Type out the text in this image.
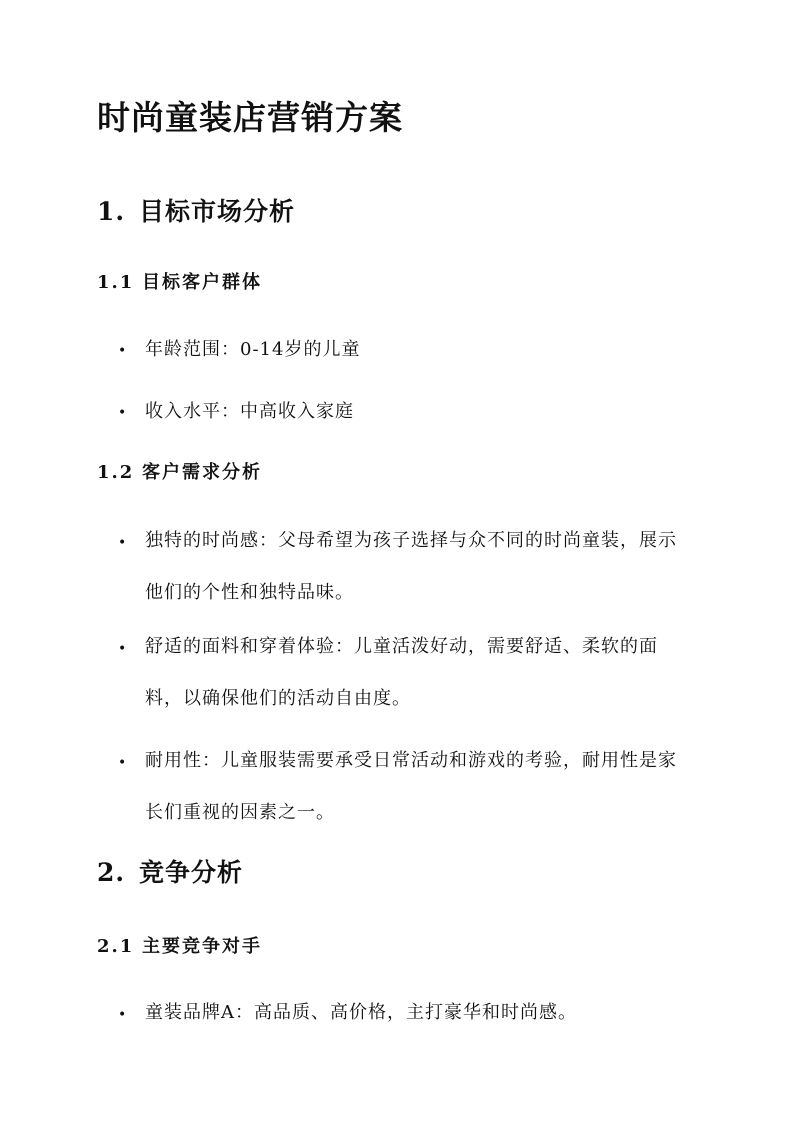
时尚童装店营销方案
1. 目标市场分析
1.1 目标客户群体
• 年龄范围：0-14岁的儿童
• 收入水平：中高收入家庭
1.2 客户需求分析
• 独特的时尚感：父母希望为孩子选择与众不同的时尚童装，展示他们的个性和独特品味。
• 舒适的面料和穿着体验：儿童活泼好动，需要舒适、柔软的面料，以确保他们的活动自由度。
• 耐用性：儿童服装需要承受日常活动和游戏的考验，耐用性是家长们重视的因素之一。
2. 竞争分析
2.1 主要竞争对手
• 童装品牌A：高品质、高价格，主打豪华和时尚感。
